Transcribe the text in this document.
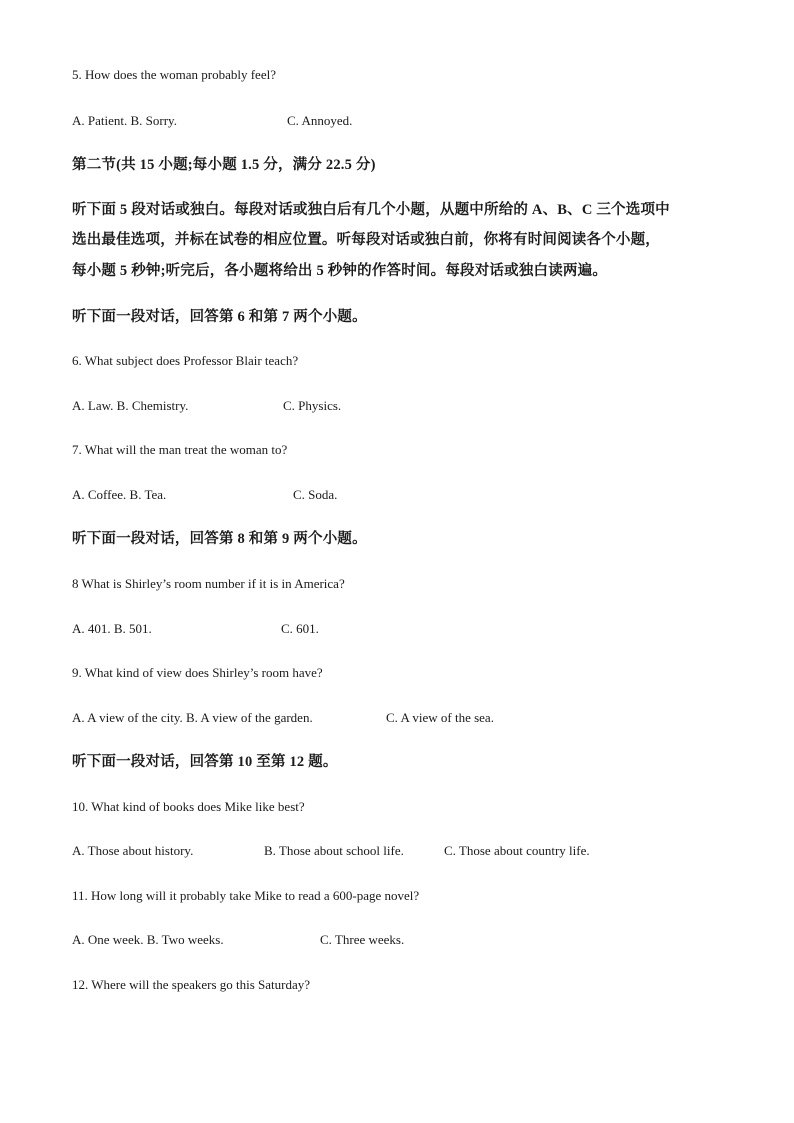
5. How does the woman probably feel?
A. Patient. B. Sorry.	C. Annoyed.
第二节(共 15 小题;每小题 1.5 分，满分 22.5 分)
听下面 5 段对话或独白。每段对话或独白后有几个小题，从题中所给的 A、B、C 三个选项中
选出最佳选项，并标在试卷的相应位置。听每段对话或独白前，你将有时间阅读各个小题，
每小题 5 秒钟;听完后，各小题将给出 5 秒钟的作答时间。每段对话或独白读两遍。
听下面一段对话，回答第 6 和第 7 两个小题。
6. What subject does Professor Blair teach?
A. Law. B. Chemistry.	C. Physics.
7. What will the man treat the woman to?
A. Coffee. B. Tea.	C. Soda.
听下面一段对话，回答第 8 和第 9 两个小题。
8 What is Shirley’s room number if it is in America?
A. 401. B. 501.	C. 601.
9. What kind of view does Shirley’s room have?
A. A view of the city. B. A view of the garden.	C. A view of the sea.
听下面一段对话，回答第 10 至第 12 题。
10. What kind of books does Mike like best?
A. Those about history.	B. Those about school life.	C. Those about country life.
11. How long will it probably take Mike to read a 600-page novel?
A. One week. B. Two weeks.	C. Three weeks.
12. Where will the speakers go this Saturday?
